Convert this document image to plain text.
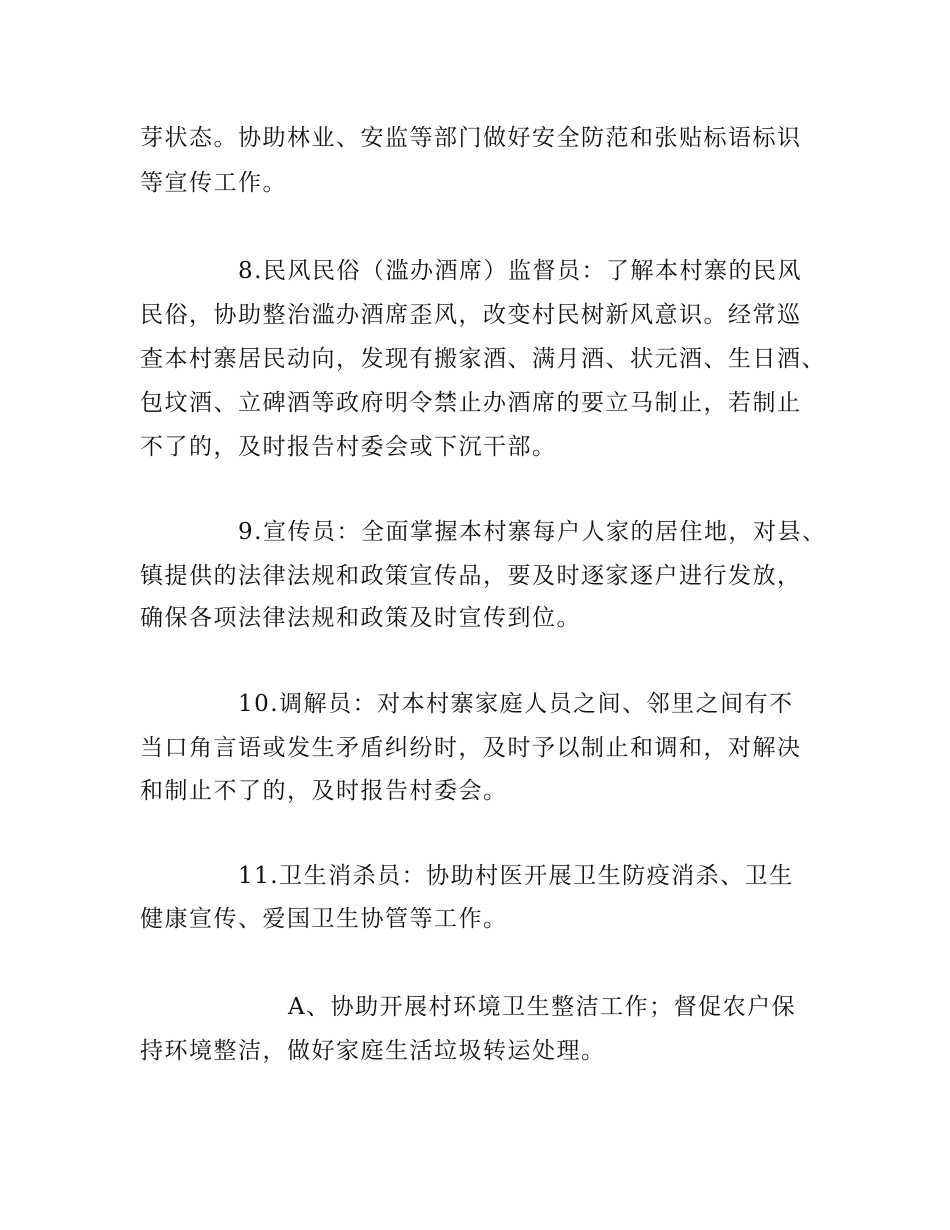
芽状态。协助林业、安监等部门做好安全防范和张贴标语标识
等宣传工作。
8.民风民俗（滥办酒席）监督员：了解本村寨的民风
民俗，协助整治滥办酒席歪风，改变村民树新风意识。经常巡
查本村寨居民动向，发现有搬家酒、满月酒、状元酒、生日酒、
包坟酒、立碑酒等政府明令禁止办酒席的要立马制止，若制止
不了的，及时报告村委会或下沉干部。
9.宣传员：全面掌握本村寨每户人家的居住地，对县、
镇提供的法律法规和政策宣传品，要及时逐家逐户进行发放，
确保各项法律法规和政策及时宣传到位。
10.调解员：对本村寨家庭人员之间、邻里之间有不
当口角言语或发生矛盾纠纷时，及时予以制止和调和，对解决
和制止不了的，及时报告村委会。
11.卫生消杀员：协助村医开展卫生防疫消杀、卫生
健康宣传、爱国卫生协管等工作。
A、协助开展村环境卫生整洁工作；督促农户保
持环境整洁，做好家庭生活垃圾转运处理。
